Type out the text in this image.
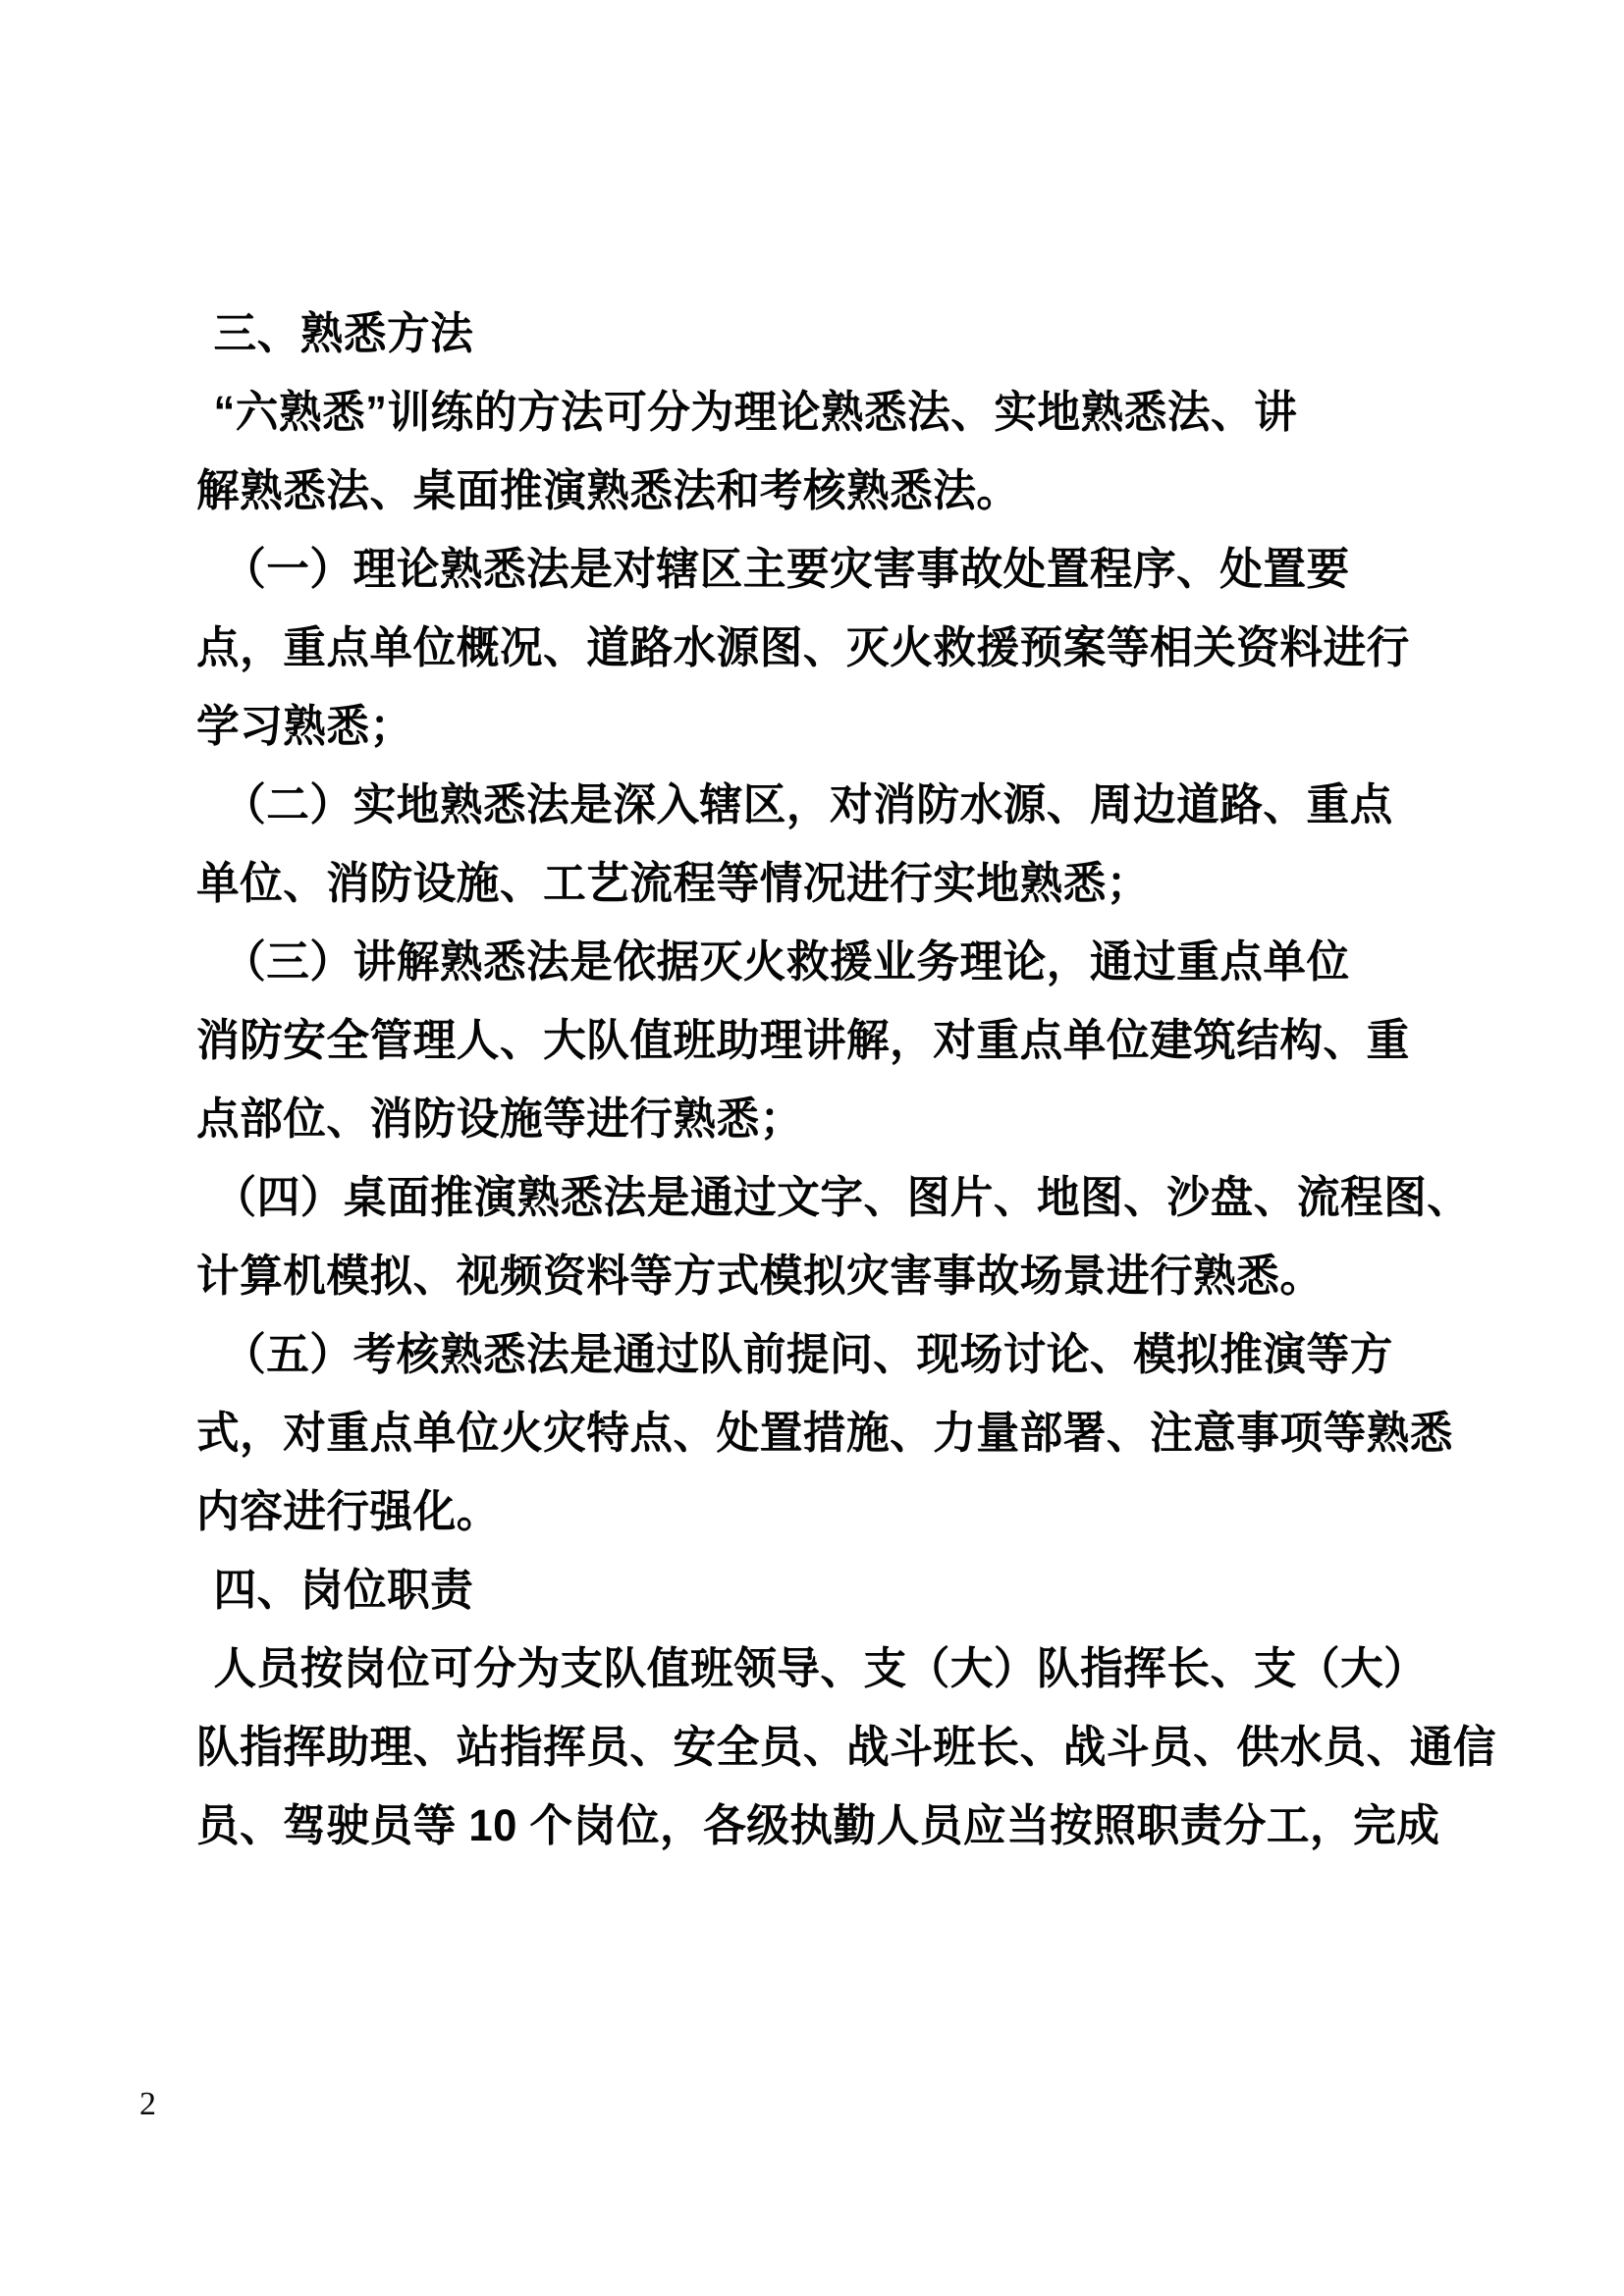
三、熟悉方法
“六熟悉”训练的方法可分为理论熟悉法、实地熟悉法、讲
解熟悉法、桌面推演熟悉法和考核熟悉法。
（一）理论熟悉法是对辖区主要灾害事故处置程序、处置要
点，重点单位概况、道路水源图、灭火救援预案等相关资料进行
学习熟悉；
（二）实地熟悉法是深入辖区，对消防水源、周边道路、重点
单位、消防设施、工艺流程等情况进行实地熟悉；
（三）讲解熟悉法是依据灭火救援业务理论，通过重点单位
消防安全管理人、大队值班助理讲解，对重点单位建筑结构、重
点部位、消防设施等进行熟悉；
（四）桌面推演熟悉法是通过文字、图片、地图、沙盘、流程图、
计算机模拟、视频资料等方式模拟灾害事故场景进行熟悉。
（五）考核熟悉法是通过队前提问、现场讨论、模拟推演等方
式，对重点单位火灾特点、处置措施、力量部署、注意事项等熟悉
内容进行强化。
四、岗位职责
人员按岗位可分为支队值班领导、支（大）队指挥长、支（大）
队指挥助理、站指挥员、安全员、战斗班长、战斗员、供水员、通信
员、驾驶员等 10 个岗位，各级执勤人员应当按照职责分工，完成
2
